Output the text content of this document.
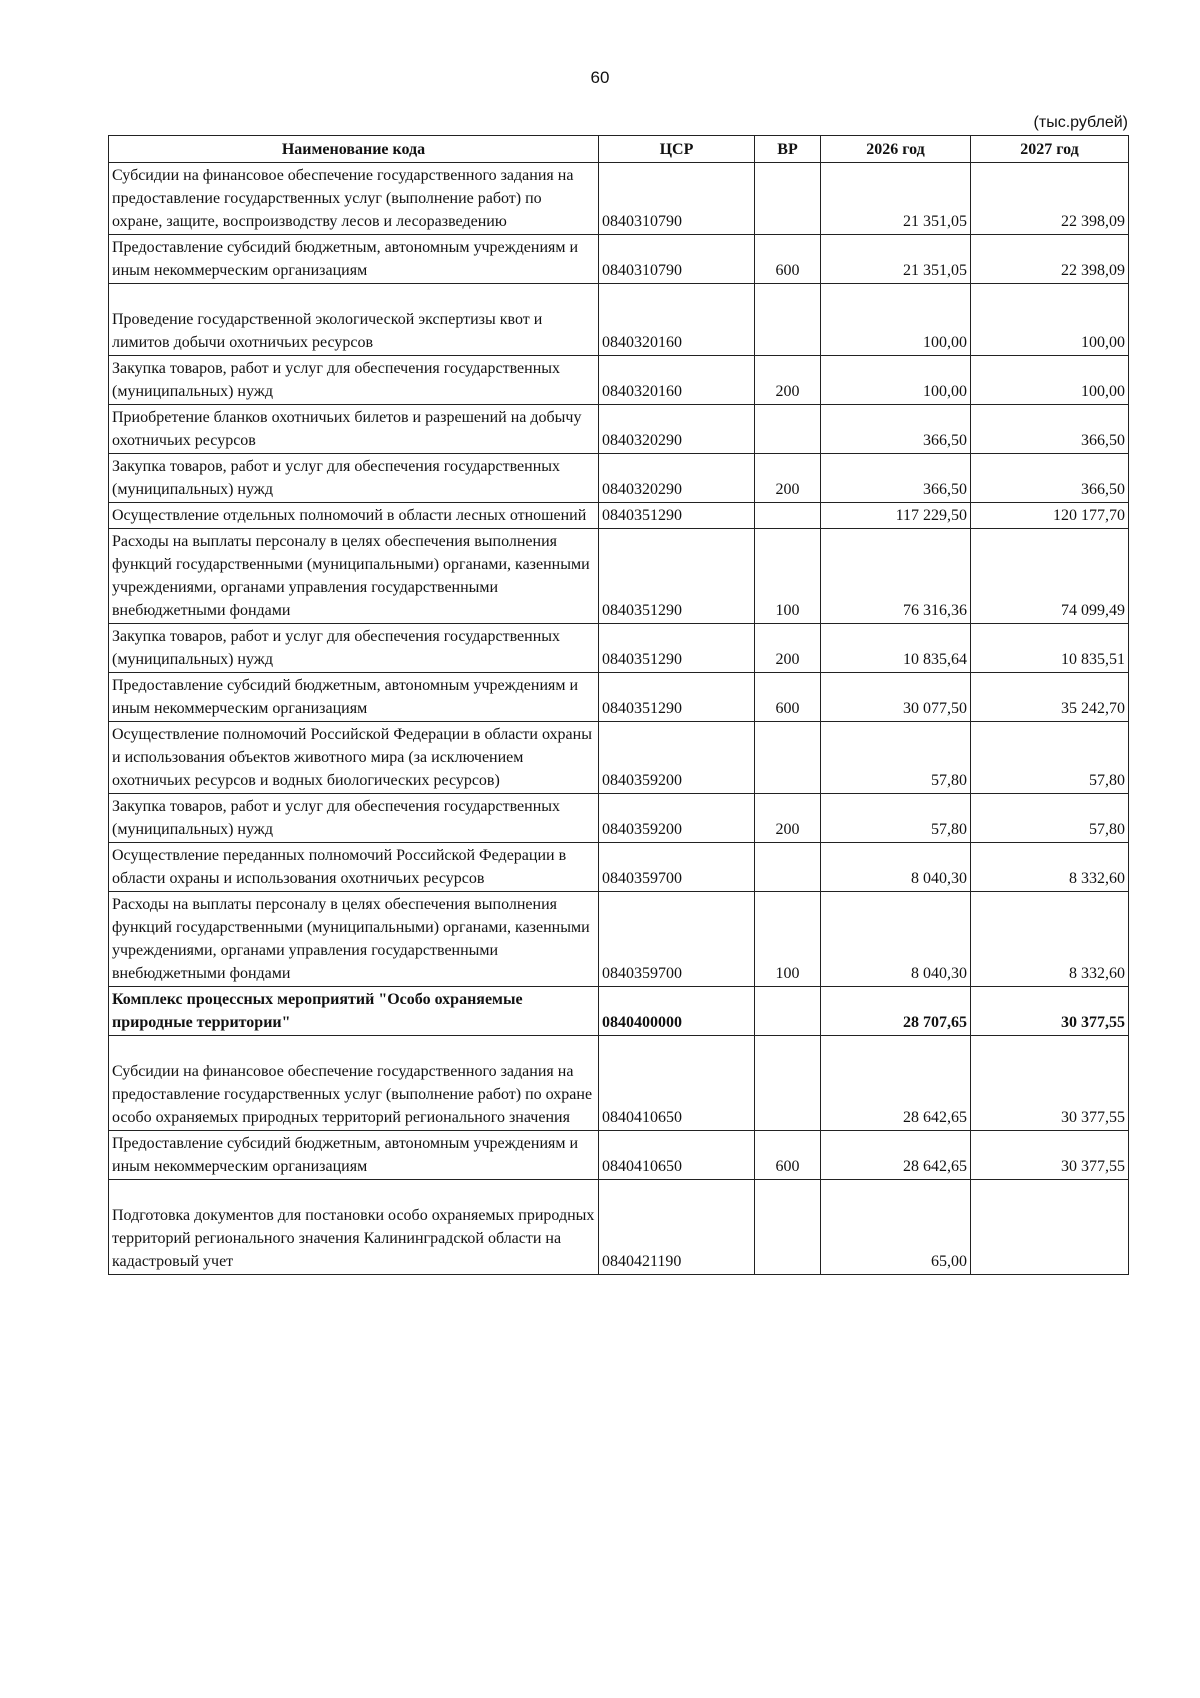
60
(тыс.рублей)
Наименование кода	ЦСР	ВР	2026 год	2027 год
Субсидии на финансовое обеспечение государственного задания на предоставление государственных услуг (выполнение работ) по охране, защите, воспроизводству лесов и лесоразведению	0840310790		21 351,05	22 398,09
Предоставление субсидий бюджетным, автономным учреждениям и иным некоммерческим организациям	0840310790	600	21 351,05	22 398,09
Проведение государственной экологической экспертизы квот и лимитов добычи охотничьих ресурсов	0840320160		100,00	100,00
Закупка товаров, работ и услуг для обеспечения государственных (муниципальных) нужд	0840320160	200	100,00	100,00
Приобретение бланков охотничьих билетов и разрешений на добычу охотничьих ресурсов	0840320290		366,50	366,50
Закупка товаров, работ и услуг для обеспечения государственных (муниципальных) нужд	0840320290	200	366,50	366,50
Осуществление отдельных полномочий в области лесных отношений	0840351290		117 229,50	120 177,70
Расходы на выплаты персоналу в целях обеспечения выполнения функций государственными (муниципальными) органами, казенными учреждениями, органами управления государственными внебюджетными фондами	0840351290	100	76 316,36	74 099,49
Закупка товаров, работ и услуг для обеспечения государственных (муниципальных) нужд	0840351290	200	10 835,64	10 835,51
Предоставление субсидий бюджетным, автономным учреждениям и иным некоммерческим организациям	0840351290	600	30 077,50	35 242,70
Осуществление полномочий Российской Федерации в области охраны и использования объектов животного мира (за исключением охотничьих ресурсов и водных биологических ресурсов)	0840359200		57,80	57,80
Закупка товаров, работ и услуг для обеспечения государственных (муниципальных) нужд	0840359200	200	57,80	57,80
Осуществление переданных полномочий Российской Федерации в области охраны и использования охотничьих ресурсов	0840359700		8 040,30	8 332,60
Расходы на выплаты персоналу в целях обеспечения выполнения функций государственными (муниципальными) органами, казенными учреждениями, органами управления государственными внебюджетными фондами	0840359700	100	8 040,30	8 332,60
Комплекс процессных мероприятий "Особо охраняемые природные территории"	0840400000		28 707,65	30 377,55
Субсидии на финансовое обеспечение государственного задания на предоставление государственных услуг (выполнение работ) по охране особо охраняемых природных территорий регионального значения	0840410650		28 642,65	30 377,55
Предоставление субсидий бюджетным, автономным учреждениям и иным некоммерческим организациям	0840410650	600	28 642,65	30 377,55
Подготовка документов для постановки особо охраняемых природных территорий регионального значения Калининградской области на кадастровый учет	0840421190		65,00	
